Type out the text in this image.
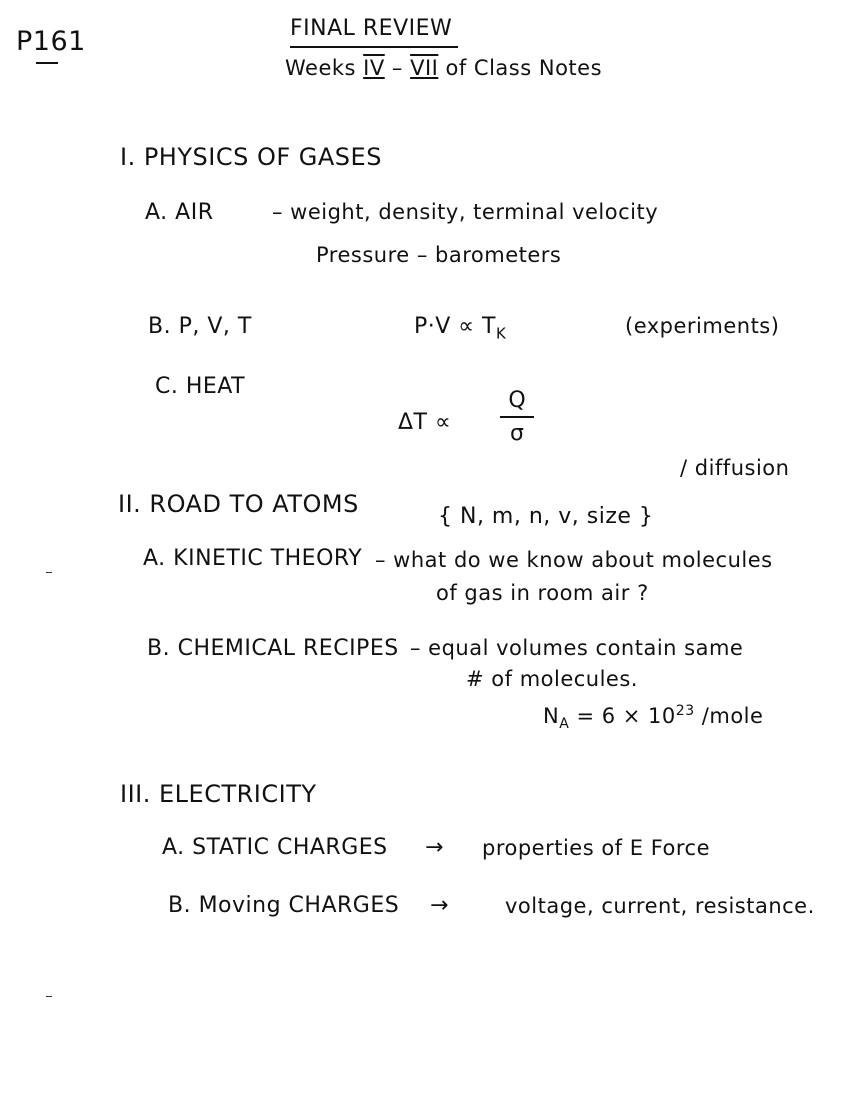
P161	FINAL REVIEW
Weeks IV – VII of Class Notes
I. PHYSICS OF GASES
A. AIR	– weight, density, terminal velocity
Pressure – barometers
B. P, V, T	$P\cdot V \propto T_K$	(experiments)
C. HEAT
ΔT ∝
Q
σ
II. ROAD TO ATOMS	{ N, m, n, v, size }
/ diffusion
A. KINETIC THEORY – what do we know about molecules
of gas in room air ?
B. CHEMICAL RECIPES – equal volumes contain same
# of molecules.
$N_A = 6 \times 10^{23}$ /mole
III. ELECTRICITY
A. STATIC CHARGES → properties of E Force
B. Moving CHARGES →	voltage, current, resistance.
